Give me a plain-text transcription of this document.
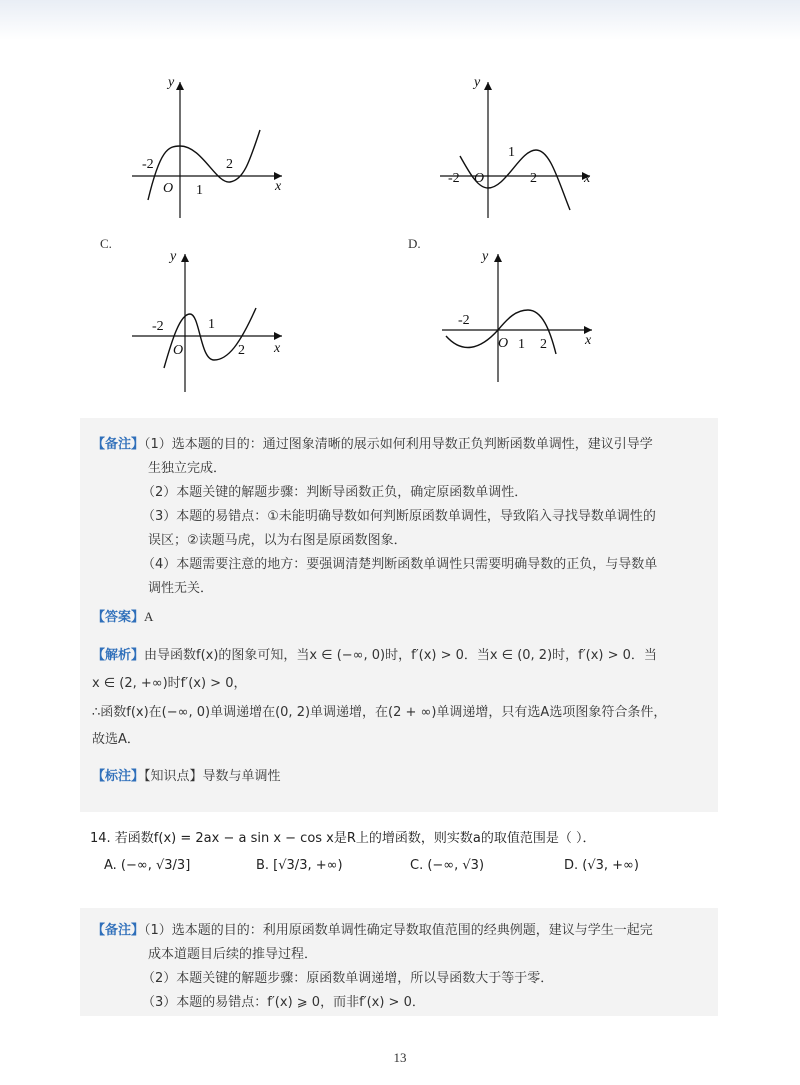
y
x
O
-2
1
2
y
x
O
-2
1
2
C.	D.
y
x
O
-2	1
2
y
x
O
-2
1 2
【备注】（1）选本题的目的：通过图象清晰的展示如何利用导数正负判断函数单调性，建议引导学
生独立完成．
（2）本题关键的解题步骤：判断导函数正负，确定原函数单调性．
（3）本题的易错点：①未能明确导数如何判断原函数单调性，导致陷入寻找导数单调性的
误区；②读题马虎，以为右图是原函数图象．
（4）本题需要注意的地方：要强调清楚判断函数单调性只需要明确导数的正负，与导数单
调性无关．
【答案】A
【解析】由导函数f(x)的图象可知，当x ∈ (−∞, 0)时，f′(x) > 0．当x ∈ (0, 2)时，f′(x) > 0．当
x ∈ (2, +∞)时f′(x) > 0，
∴函数f(x)在(−∞, 0)单调递增在(0, 2)单调递增，在(2 + ∞)单调递增，只有选A选项图象符合条件，
故选A．
【标注】【知识点】导数与单调性
14. 若函数f(x) = 2ax − a sin x − cos x是R上的增函数，则实数a的取值范围是（ ）．
A. (−∞, √3/3]	B. [√3/3, +∞)	C. (−∞, √3)	D. (√3, +∞)
【备注】（1）选本题的目的：利用原函数单调性确定导数取值范围的经典例题，建议与学生一起完
成本道题目后续的推导过程．
（2）本题关键的解题步骤：原函数单调递增，所以导函数大于等于零．
（3）本题的易错点：f′(x) ⩾ 0，而非f′(x) > 0．
13
